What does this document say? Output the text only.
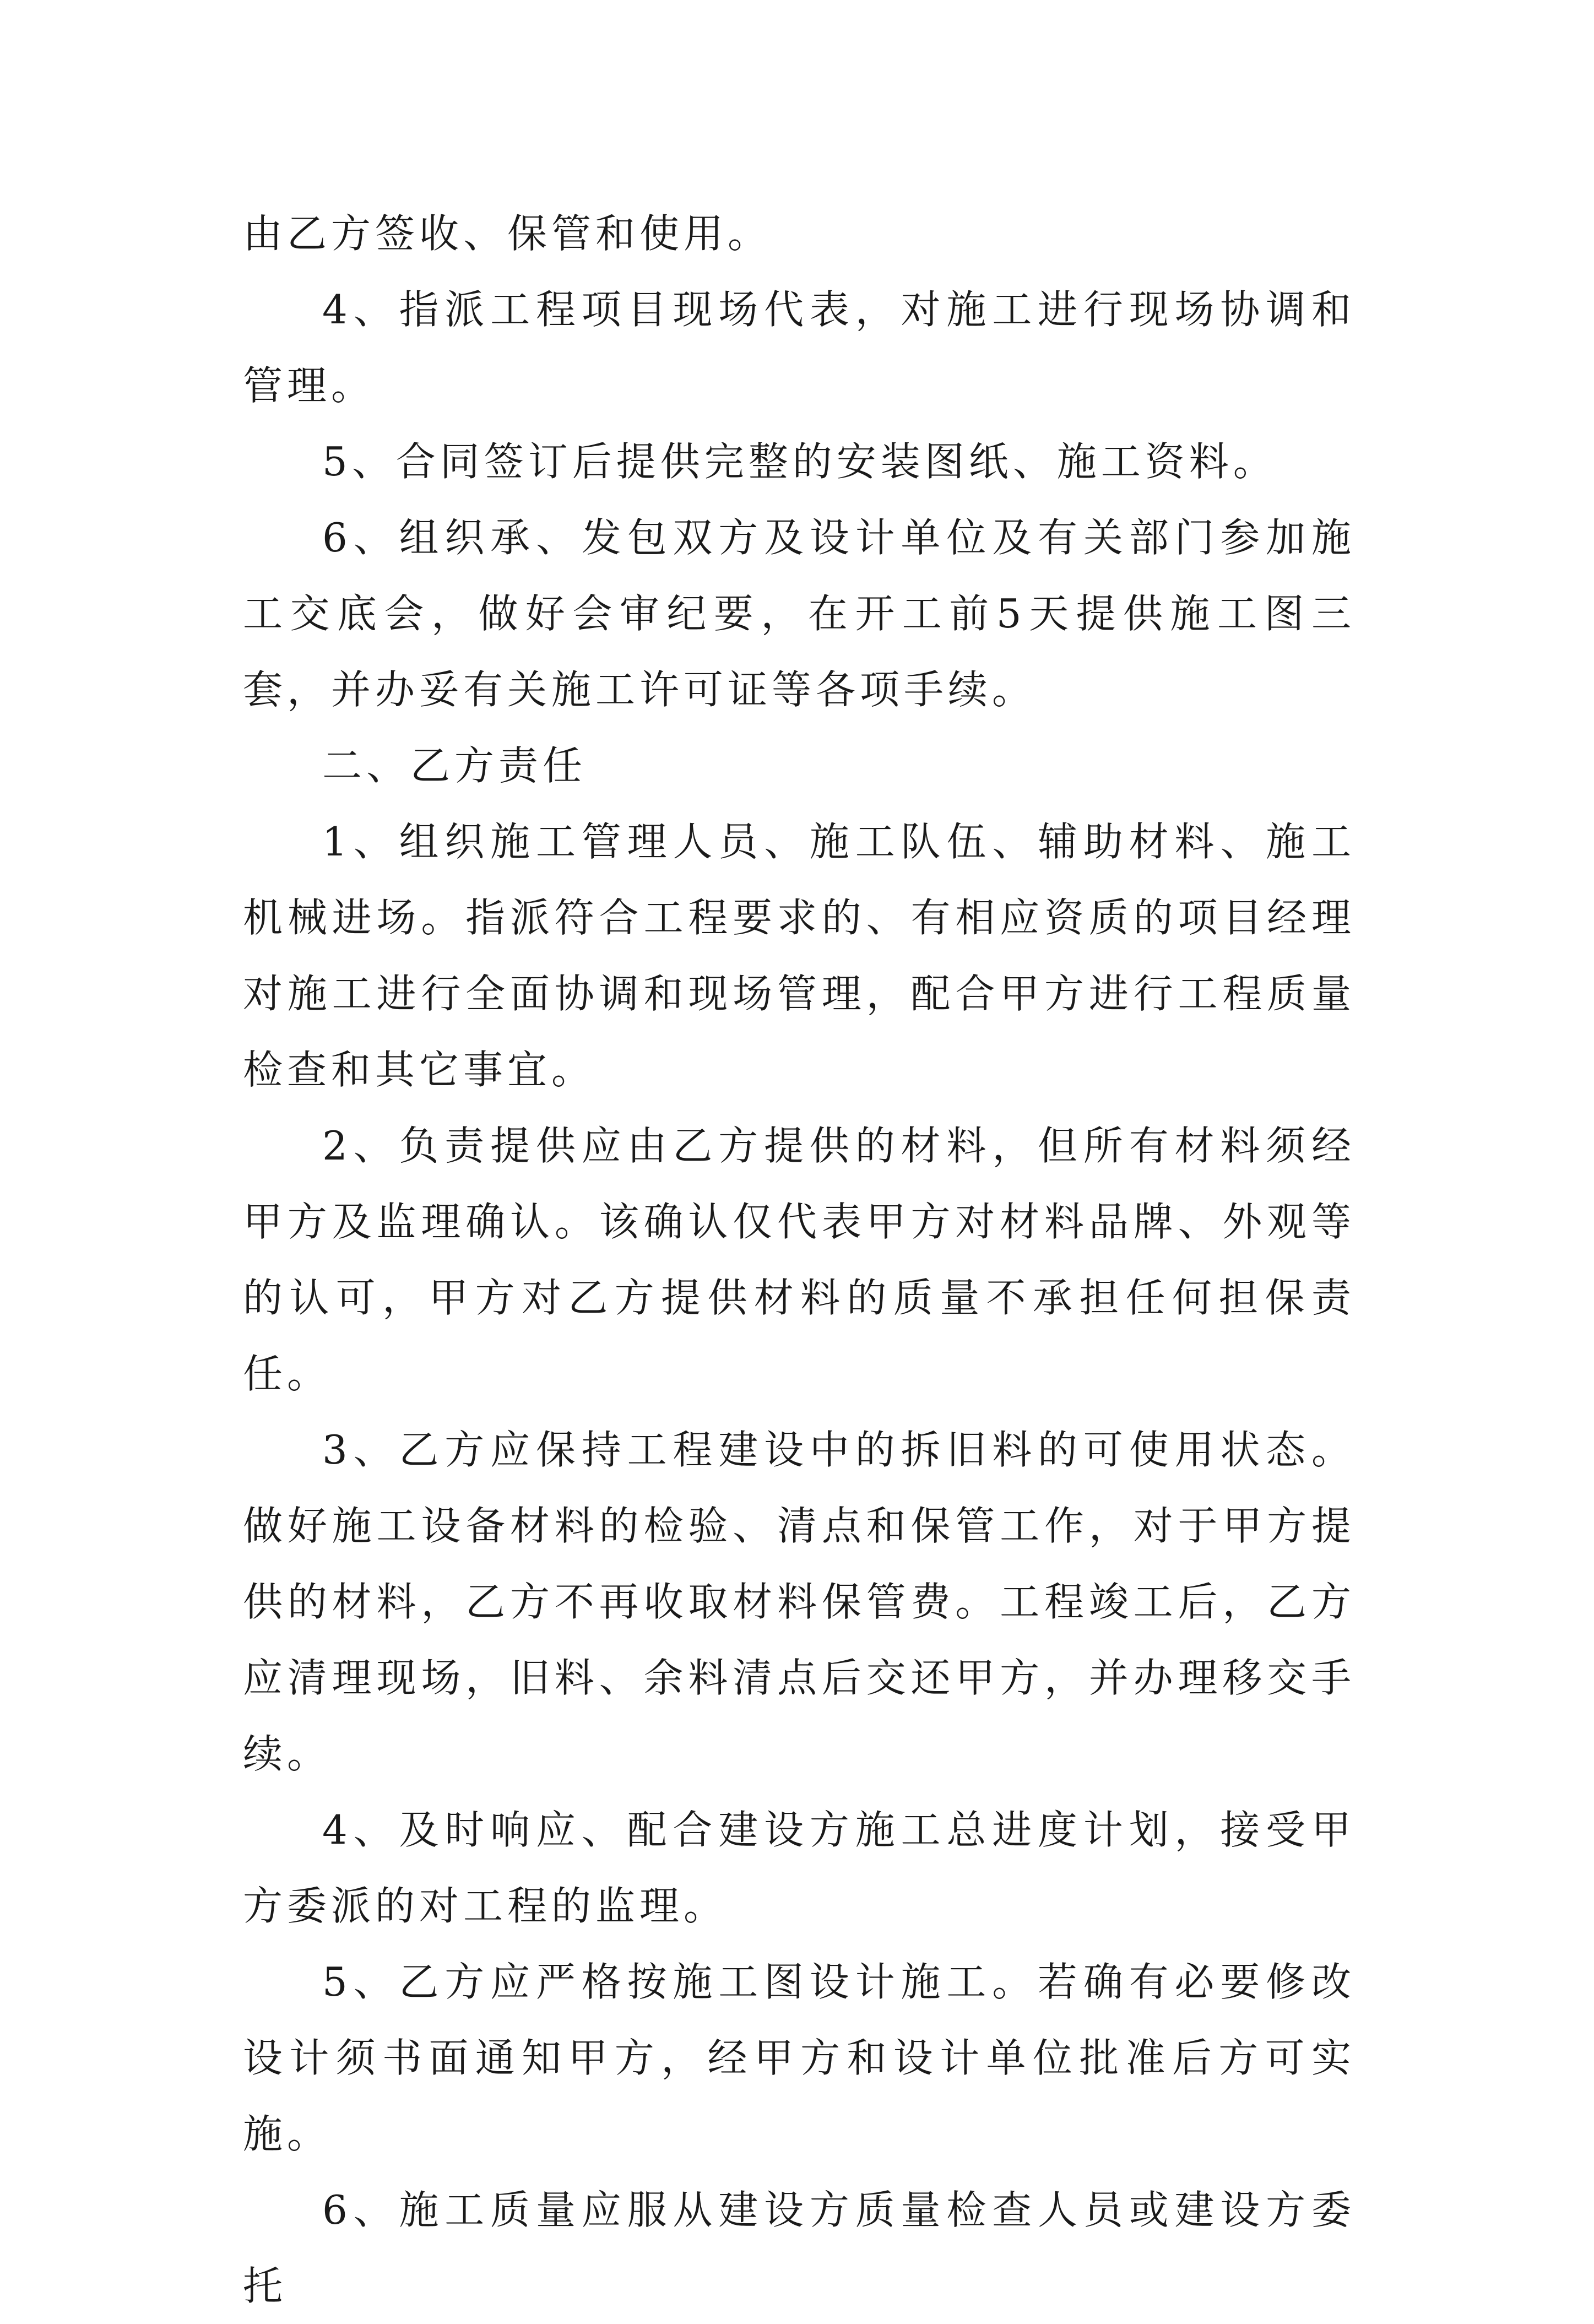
由乙方签收、保管和使用。

4、指派工程项目现场代表，对施工进行现场协调和管理。

5、合同签订后提供完整的安装图纸、施工资料。

6、组织承、发包双方及设计单位及有关部门参加施工交底会，做好会审纪要，在开工前5天提供施工图三套，并办妥有关施工许可证等各项手续。

二、乙方责任

1、组织施工管理人员、施工队伍、辅助材料、施工机械进场。指派符合工程要求的、有相应资质的项目经理对施工进行全面协调和现场管理，配合甲方进行工程质量检查和其它事宜。

2、负责提供应由乙方提供的材料，但所有材料须经甲方及监理确认。该确认仅代表甲方对材料品牌、外观等的认可，甲方对乙方提供材料的质量不承担任何担保责任。

3、乙方应保持工程建设中的拆旧料的可使用状态。做好施工设备材料的检验、清点和保管工作，对于甲方提供的材料，乙方不再收取材料保管费。工程竣工后，乙方应清理现场，旧料、余料清点后交还甲方，并办理移交手续。

4、及时响应、配合建设方施工总进度计划，接受甲方委派的对工程的监理。

5、乙方应严格按施工图设计施工。若确有必要修改设计须书面通知甲方，经甲方和设计单位批准后方可实施。

6、施工质量应服从建设方质量检查人员或建设方委托
